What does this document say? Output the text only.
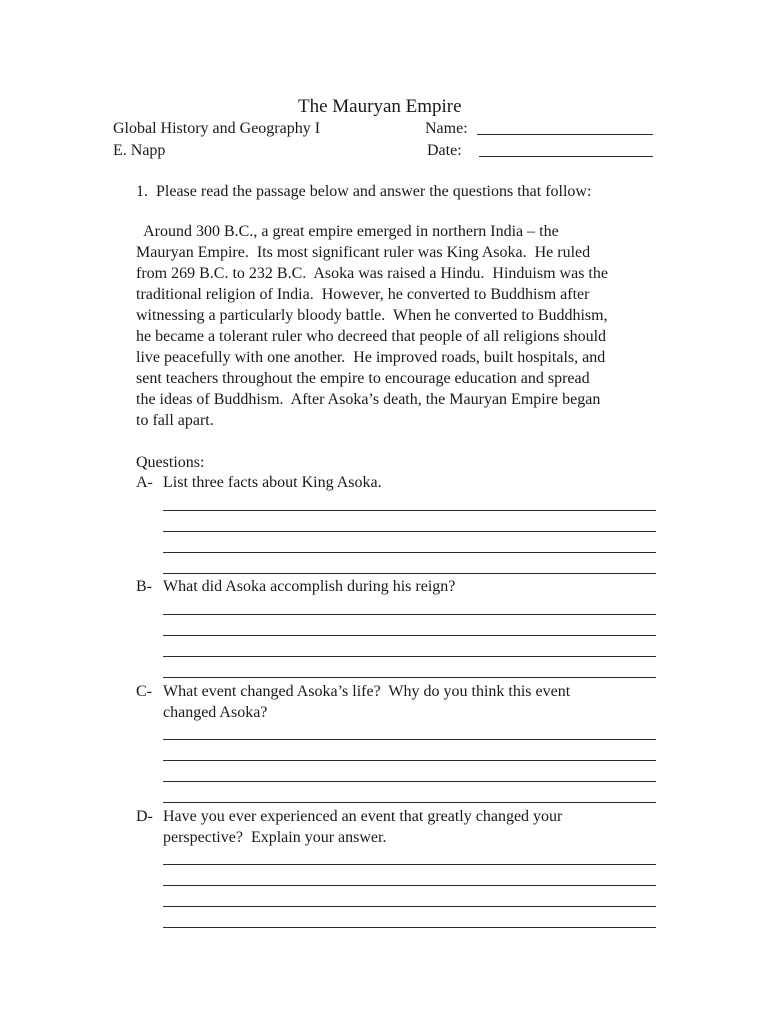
The Mauryan Empire
Global History and Geography I	Name:
E. Napp	Date:
1.  Please read the passage below and answer the questions that follow:
Around 300 B.C., a great empire emerged in northern India – the
Mauryan Empire.  Its most significant ruler was King Asoka.  He ruled
from 269 B.C. to 232 B.C.  Asoka was raised a Hindu.  Hinduism was the
traditional religion of India.  However, he converted to Buddhism after
witnessing a particularly bloody battle.  When he converted to Buddhism,
he became a tolerant ruler who decreed that people of all religions should
live peacefully with one another.  He improved roads, built hospitals, and
sent teachers throughout the empire to encourage education and spread
the ideas of Buddhism.  After Asoka’s death, the Mauryan Empire began
to fall apart.
Questions:
A- List three facts about King Asoka.
B- What did Asoka accomplish during his reign?
C- What event changed Asoka’s life?  Why do you think this event
changed Asoka?
D- Have you ever experienced an event that greatly changed your
perspective?  Explain your answer.
